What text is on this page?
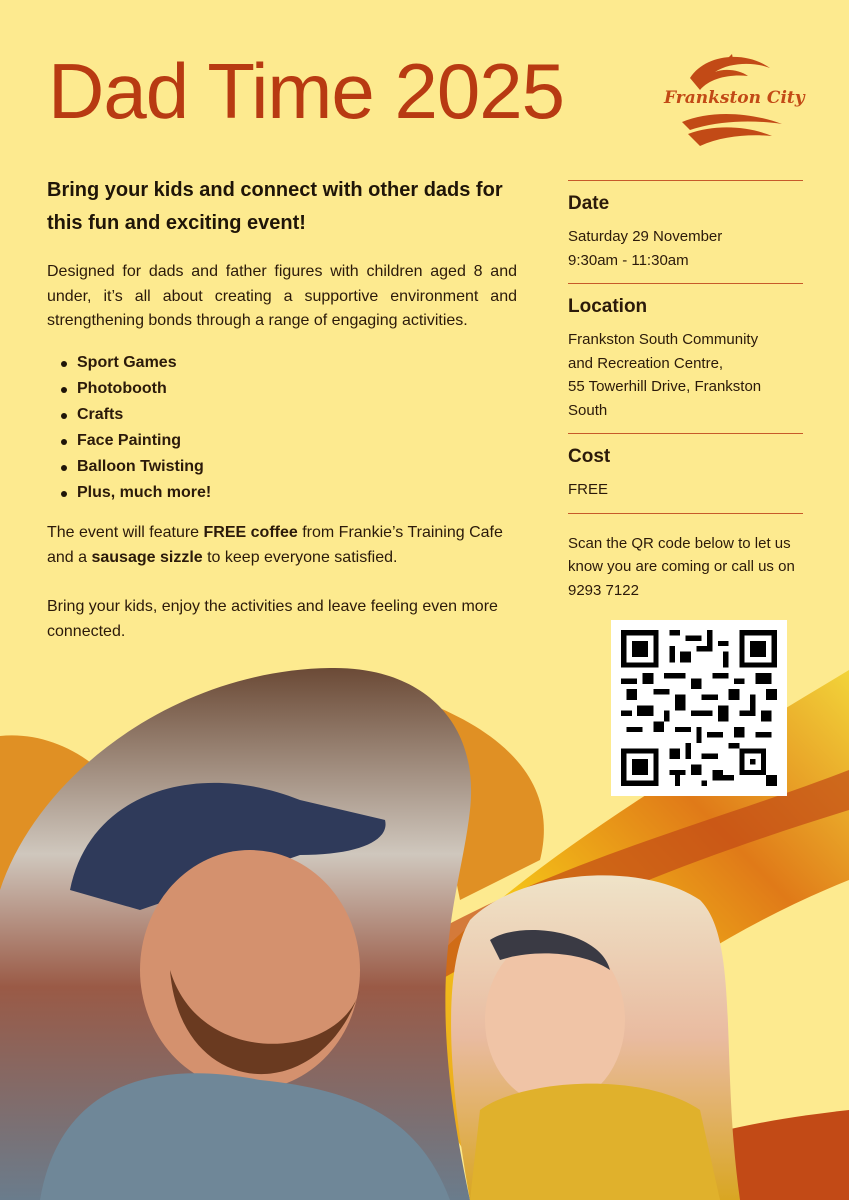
Dad Time 2025	Frankston City

Bring your kids and connect with other dads for this fun and exciting event!

Designed for dads and father figures with children aged 8 and under, it’s all about creating a supportive environment and strengthening bonds through a range of engaging activities.

Sport Games
Photobooth
Crafts
Face Painting
Balloon Twisting
Plus, much more!

The event will feature FREE coffee from Frankie’s Training Cafe and a sausage sizzle to keep everyone satisfied.

Bring your kids, enjoy the activities and leave feeling even more connected.

Date
Saturday 29 November
9:30am - 11:30am
Location
Frankston South Community
and Recreation Centre,
55 Towerhill Drive, Frankston
South
Cost
FREE

Scan the QR code below to let us know you are coming or call us on 9293 7122
